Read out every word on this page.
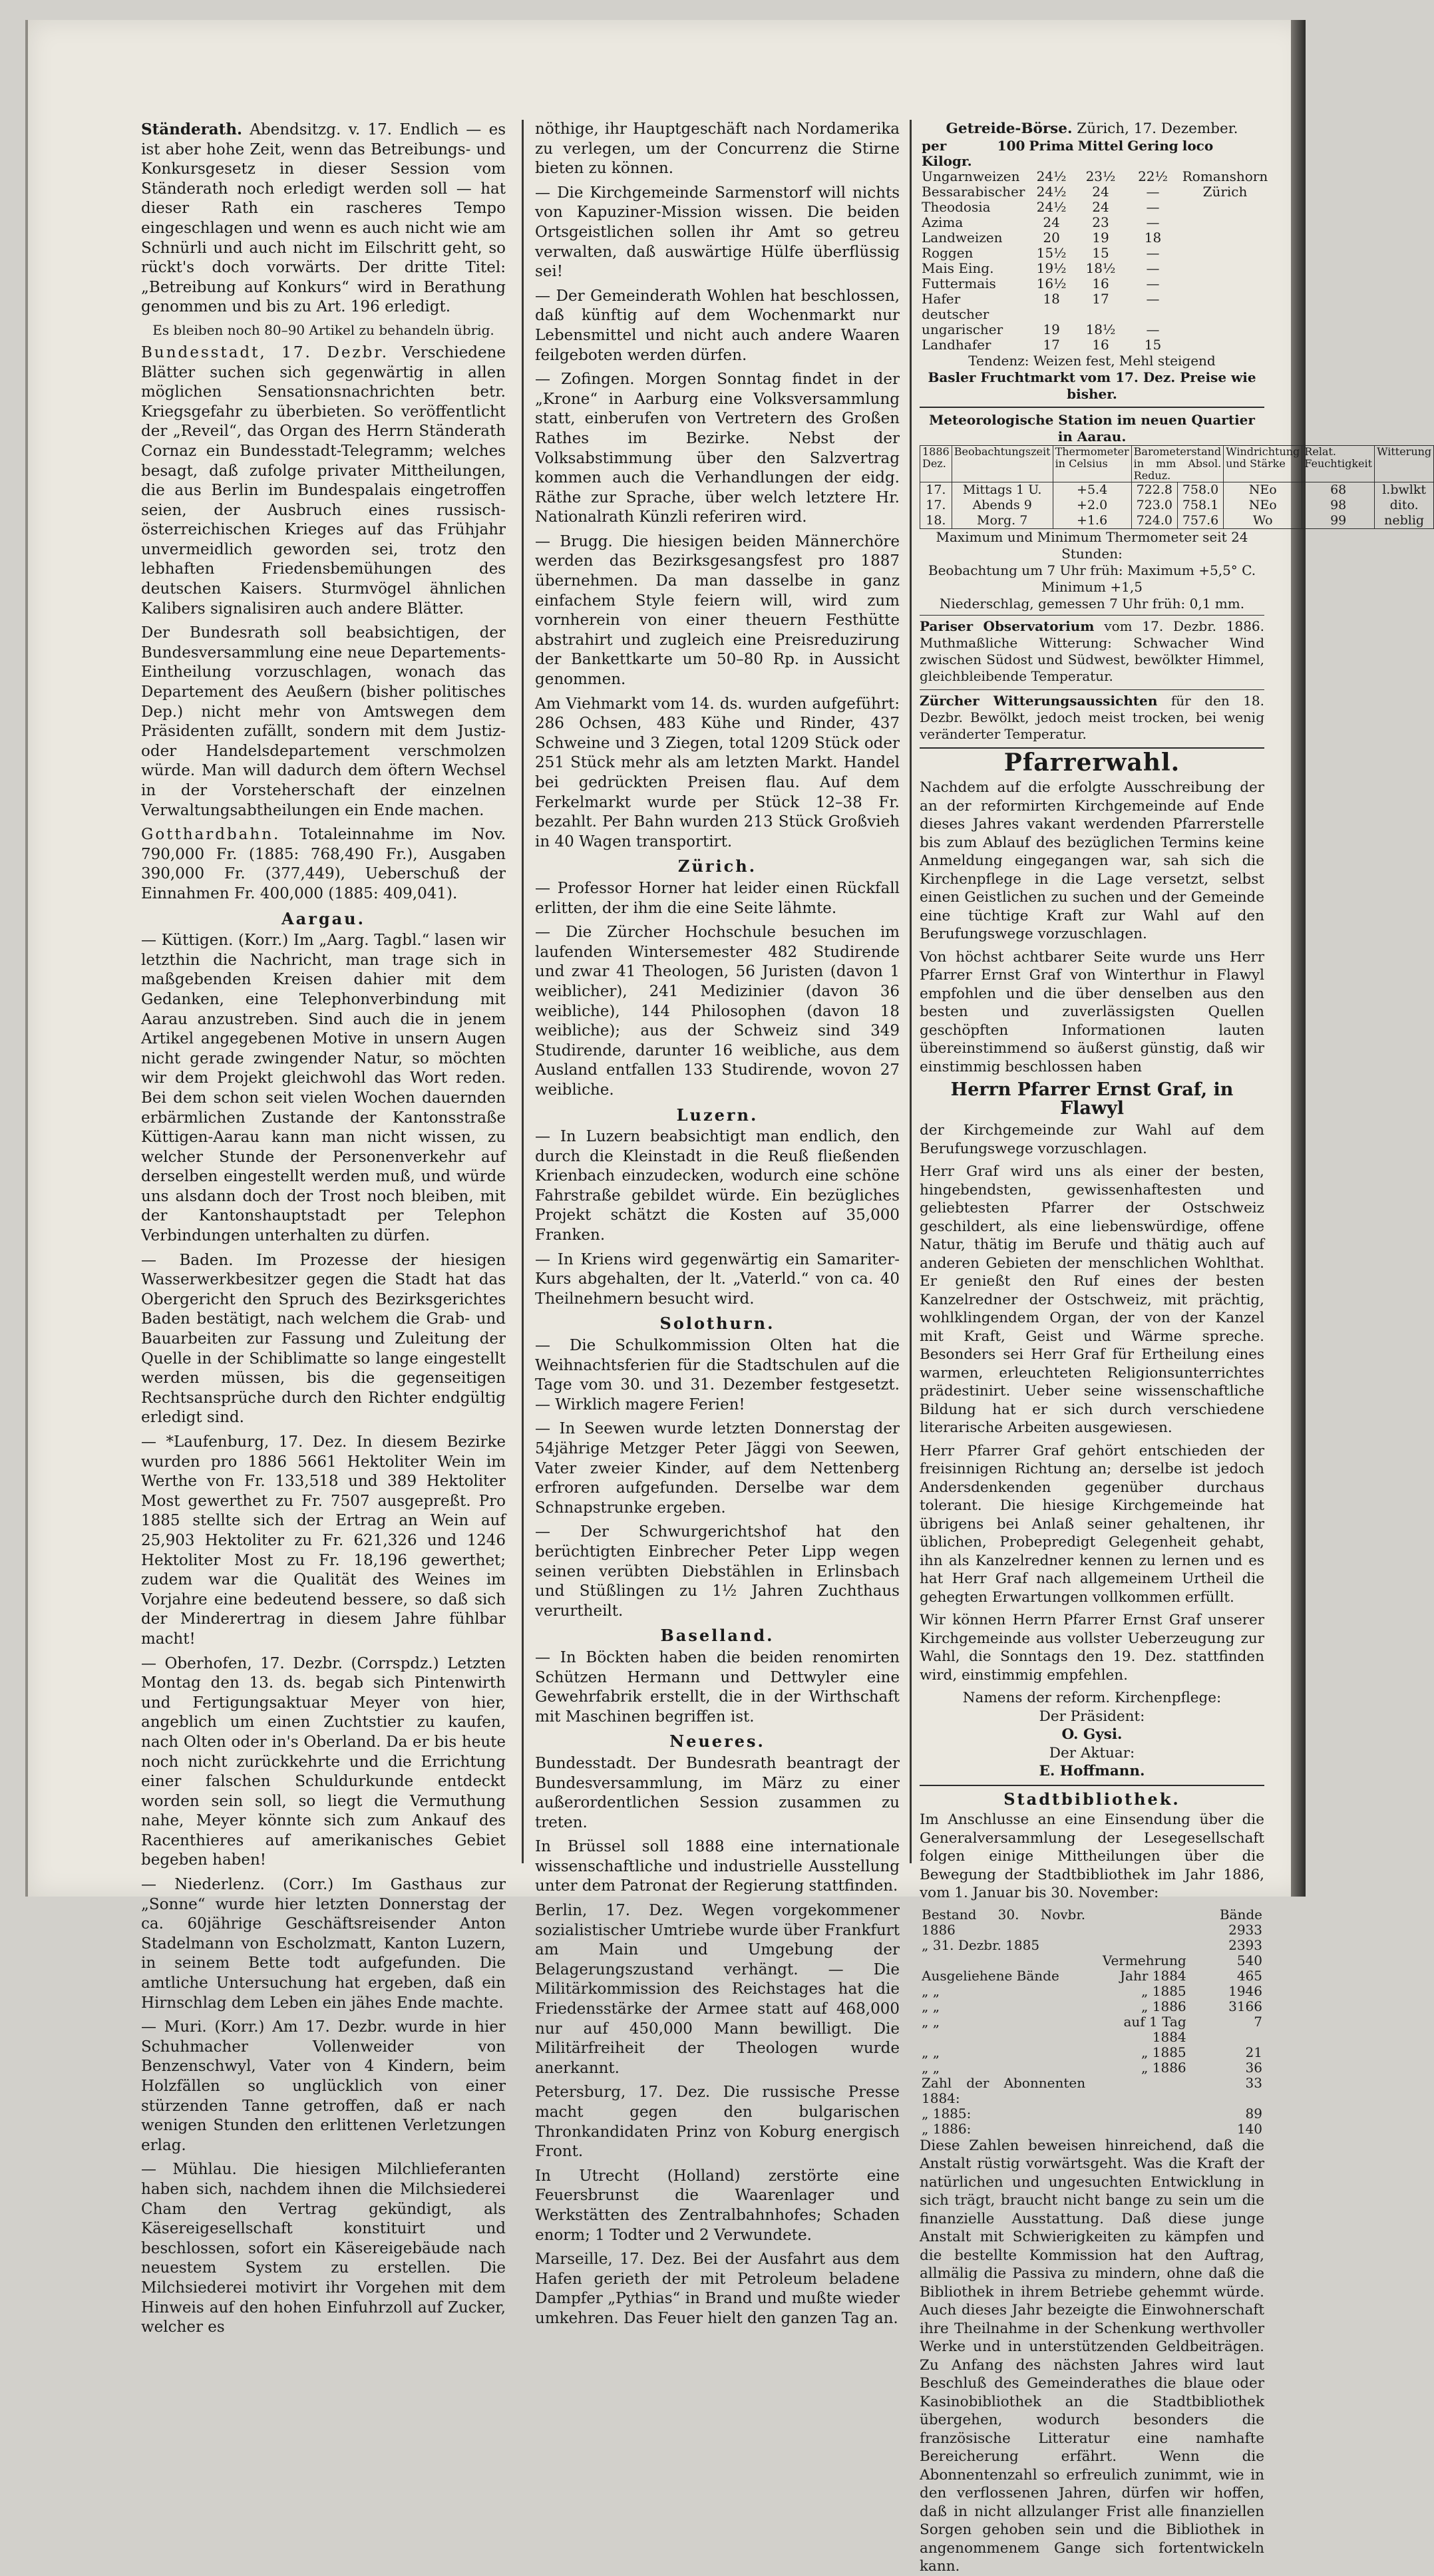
Ständerath. Abendsitzg. v. 17. Endlich — es ist aber hohe Zeit, wenn das Betreibungs- und Konkursgesetz in dieser Session vom Ständerath noch erledigt werden soll — hat dieser Rath ein rascheres Tempo eingeschlagen und wenn es auch nicht wie am Schnürli und auch nicht im Eilschritt geht, so rückt's doch vorwärts. Der dritte Titel: „Betreibung auf Konkurs“ wird in Berathung genommen und bis zu Art. 196 erledigt.

Es bleiben noch 80–90 Artikel zu behandeln übrig.

Bundesstadt, 17. Dezbr. Verschiedene Blätter suchen sich gegenwärtig in allen möglichen Sensationsnachrichten betr. Kriegsgefahr zu überbieten. So veröffentlicht der „Reveil“, das Organ des Herrn Ständerath Cornaz ein Bundesstadt-Telegramm; welches besagt, daß zufolge privater Mittheilungen, die aus Berlin im Bundespalais eingetroffen seien, der Ausbruch eines russisch-österreichischen Krieges auf das Frühjahr unvermeidlich geworden sei, trotz den lebhaften Friedensbemühungen des deutschen Kaisers. Sturmvögel ähnlichen Kalibers signalisiren auch andere Blätter.

Der Bundesrath soll beabsichtigen, der Bundesversammlung eine neue Departements-Eintheilung vorzuschlagen, wonach das Departement des Aeußern (bisher politisches Dep.) nicht mehr von Amtswegen dem Präsidenten zufällt, sondern mit dem Justiz- oder Handelsdepartement verschmolzen würde. Man will dadurch dem öftern Wechsel in der Vorsteherschaft der einzelnen Verwaltungsabtheilungen ein Ende machen.

Gotthardbahn. Totaleinnahme im Nov. 790,000 Fr. (1885: 768,490 Fr.), Ausgaben 390,000 Fr. (377,449), Ueberschuß der Einnahmen Fr. 400,000 (1885: 409,041).

Aargau.

— Küttigen. (Korr.) Im „Aarg. Tagbl.“ lasen wir letzthin die Nachricht, man trage sich in maßgebenden Kreisen dahier mit dem Gedanken, eine Telephonverbindung mit Aarau anzustreben. Sind auch die in jenem Artikel angegebenen Motive in unsern Augen nicht gerade zwingender Natur, so möchten wir dem Projekt gleichwohl das Wort reden. Bei dem schon seit vielen Wochen dauernden erbärmlichen Zustande der Kantonsstraße Küttigen-Aarau kann man nicht wissen, zu welcher Stunde der Personenverkehr auf derselben eingestellt werden muß, und würde uns alsdann doch der Trost noch bleiben, mit der Kantonshauptstadt per Telephon Verbindungen unterhalten zu dürfen.

— Baden. Im Prozesse der hiesigen Wasserwerkbesitzer gegen die Stadt hat das Obergericht den Spruch des Bezirksgerichtes Baden bestätigt, nach welchem die Grab- und Bauarbeiten zur Fassung und Zuleitung der Quelle in der Schiblimatte so lange eingestellt werden müssen, bis die gegenseitigen Rechtsansprüche durch den Richter endgültig erledigt sind.

— *Laufenburg, 17. Dez. In diesem Bezirke wurden pro 1886 5661 Hektoliter Wein im Werthe von Fr. 133,518 und 389 Hektoliter Most gewerthet zu Fr. 7507 ausgepreßt. Pro 1885 stellte sich der Ertrag an Wein auf 25,903 Hektoliter zu Fr. 621,326 und 1246 Hektoliter Most zu Fr. 18,196 gewerthet; zudem war die Qualität des Weines im Vorjahre eine bedeutend bessere, so daß sich der Minderertrag in diesem Jahre fühlbar macht!

— Oberhofen, 17. Dezbr. (Corrspdz.) Letzten Montag den 13. ds. begab sich Pintenwirth und Fertigungsaktuar Meyer von hier, angeblich um einen Zuchtstier zu kaufen, nach Olten oder in's Oberland. Da er bis heute noch nicht zurückkehrte und die Errichtung einer falschen Schuldurkunde entdeckt worden sein soll, so liegt die Vermuthung nahe, Meyer könnte sich zum Ankauf des Racenthieres auf amerikanisches Gebiet begeben haben!

— Niederlenz. (Corr.) Im Gasthaus zur „Sonne“ wurde hier letzten Donnerstag der ca. 60jährige Geschäftsreisender Anton Stadelmann von Escholzmatt, Kanton Luzern, in seinem Bette todt aufgefunden. Die amtliche Untersuchung hat ergeben, daß ein Hirnschlag dem Leben ein jähes Ende machte.

— Muri. (Korr.) Am 17. Dezbr. wurde in hier Schuhmacher Vollenweider von Benzenschwyl, Vater von 4 Kindern, beim Holzfällen so unglücklich von einer stürzenden Tanne getroffen, daß er nach wenigen Stunden den erlittenen Verletzungen erlag.

— Mühlau. Die hiesigen Milchlieferanten haben sich, nachdem ihnen die Milchsiederei Cham den Vertrag gekündigt, als Käsereigesellschaft konstituirt und beschlossen, sofort ein Käsereigebäude nach neuestem System zu erstellen. Die Milchsiederei motivirt ihr Vorgehen mit dem Hinweis auf den hohen Einfuhrzoll auf Zucker, welcher es

nöthige, ihr Hauptgeschäft nach Nordamerika zu verlegen, um der Concurrenz die Stirne bieten zu können.

— Die Kirchgemeinde Sarmenstorf will nichts von Kapuziner-Mission wissen. Die beiden Ortsgeistlichen sollen ihr Amt so getreu verwalten, daß auswärtige Hülfe überflüssig sei!

— Der Gemeinderath Wohlen hat beschlossen, daß künftig auf dem Wochenmarkt nur Lebensmittel und nicht auch andere Waaren feilgeboten werden dürfen.

— Zofingen. Morgen Sonntag findet in der „Krone“ in Aarburg eine Volksversammlung statt, einberufen von Vertretern des Großen Rathes im Bezirke. Nebst der Volksabstimmung über den Salzvertrag kommen auch die Verhandlungen der eidg. Räthe zur Sprache, über welch letztere Hr. Nationalrath Künzli referiren wird.

— Brugg. Die hiesigen beiden Männerchöre werden das Bezirksgesangsfest pro 1887 übernehmen. Da man dasselbe in ganz einfachem Style feiern will, wird zum vornherein von einer theuern Festhütte abstrahirt und zugleich eine Preisreduzirung der Bankettkarte um 50–80 Rp. in Aussicht genommen.

Am Viehmarkt vom 14. ds. wurden aufgeführt: 286 Ochsen, 483 Kühe und Rinder, 437 Schweine und 3 Ziegen, total 1209 Stück oder 251 Stück mehr als am letzten Markt. Handel bei gedrückten Preisen flau. Auf dem Ferkelmarkt wurde per Stück 12–38 Fr. bezahlt. Per Bahn wurden 213 Stück Großvieh in 40 Wagen transportirt.

Zürich.

— Professor Horner hat leider einen Rückfall erlitten, der ihm die eine Seite lähmte.

— Die Zürcher Hochschule besuchen im laufenden Wintersemester 482 Studirende und zwar 41 Theologen, 56 Juristen (davon 1 weiblicher), 241 Medizinier (davon 36 weibliche), 144 Philosophen (davon 18 weibliche); aus der Schweiz sind 349 Studirende, darunter 16 weibliche, aus dem Ausland entfallen 133 Studirende, wovon 27 weibliche.

Luzern.

— In Luzern beabsichtigt man endlich, den durch die Kleinstadt in die Reuß fließenden Krienbach einzudecken, wodurch eine schöne Fahrstraße gebildet würde. Ein bezügliches Projekt schätzt die Kosten auf 35,000 Franken.

— In Kriens wird gegenwärtig ein Samariter-Kurs abgehalten, der lt. „Vaterld.“ von ca. 40 Theilnehmern besucht wird.

Solothurn.

— Die Schulkommission Olten hat die Weihnachtsferien für die Stadtschulen auf die Tage vom 30. und 31. Dezember festgesetzt. — Wirklich magere Ferien!

— In Seewen wurde letzten Donnerstag der 54jährige Metzger Peter Jäggi von Seewen, Vater zweier Kinder, auf dem Nettenberg erfroren aufgefunden. Derselbe war dem Schnapstrunke ergeben.

— Der Schwurgerichtshof hat den berüchtigten Einbrecher Peter Lipp wegen seinen verübten Diebstählen in Erlinsbach und Stüßlingen zu 1½ Jahren Zuchthaus verurtheilt.

Baselland.

— In Böckten haben die beiden renomirten Schützen Hermann und Dettwyler eine Gewehrfabrik erstellt, die in der Wirthschaft mit Maschinen begriffen ist.

Neueres.

Bundesstadt. Der Bundesrath beantragt der Bundesversammlung, im März zu einer außerordentlichen Session zusammen zu treten.

In Brüssel soll 1888 eine internationale wissenschaftliche und industrielle Ausstellung unter dem Patronat der Regierung stattfinden.

Berlin, 17. Dez. Wegen vorgekommener sozialistischer Umtriebe wurde über Frankfurt am Main und Umgebung der Belagerungszustand verhängt. — Die Militärkommission des Reichstages hat die Friedensstärke der Armee statt auf 468,000 nur auf 450,000 Mann bewilligt. Die Militärfreiheit der Theologen wurde anerkannt.

Petersburg, 17. Dez. Die russische Presse macht gegen den bulgarischen Thronkandidaten Prinz von Koburg energisch Front.

In Utrecht (Holland) zerstörte eine Feuersbrunst die Waarenlager und Werkstätten des Zentralbahnhofes; Schaden enorm; 1 Todter und 2 Verwundete.

Marseille, 17. Dez. Bei der Ausfahrt aus dem Hafen gerieth der mit Petroleum beladene Dampfer „Pythias“ in Brand und mußte wieder umkehren. Das Feuer hielt den ganzen Tag an.

Getreide-Börse. Zürich, 17. Dezember.
per 100 Kilogr.	Prima	Mittel	Gering	loco
Ungarnweizen	24½	23½	22½	Romanshorn
Bessarabischer	24½	24	—	Zürich
Theodosia	24½	24	—	
Azima	24	23	—	
Landweizen	20	19	18	
Roggen	15½	15	—	
Mais Eing.	19½	18½	—	
Futtermais	16½	16	—	
Hafer deutscher	18	17	—	
ungarischer	19	18½	—	
Landhafer	17	16	15	
Tendenz: Weizen fest, Mehl steigend
Basler Fruchtmarkt vom 17. Dez. Preise wie bisher.
Meteorologische Station im neuen Quartier in Aarau.
1886 Dez.	Beobachtungszeit	Thermometer in Celsius	Barometerstand in mm Absol. Reduz.		Windrichtung und Stärke	Relat. Feuchtigkeit	Witterung
17.	Mittags 1 U.	+5.4	722.8	758.0	NEo	68	l.bwlkt
17.	Abends 9	+2.0	723.0	758.1	NEo	98	dito.
18.	Morg. 7	+1.6	724.0	757.6	Wo	99	neblig
Maximum und Minimum Thermometer seit 24 Stunden:
Beobachtung um 7 Uhr früh: Maximum +5,5° C.
Minimum +1,5
Niederschlag, gemessen 7 Uhr früh: 0,1 mm.

Pariser Observatorium vom 17. Dezbr. 1886. Muthmaßliche Witterung: Schwacher Wind zwischen Südost und Südwest, bewölkter Himmel, gleichbleibende Temperatur.

Zürcher Witterungsaussichten für den 18. Dezbr. Bewölkt, jedoch meist trocken, bei wenig veränderter Temperatur.

Pfarrerwahl.

Nachdem auf die erfolgte Ausschreibung der an der reformirten Kirchgemeinde auf Ende dieses Jahres vakant werdenden Pfarrerstelle bis zum Ablauf des bezüglichen Termins keine Anmeldung eingegangen war, sah sich die Kirchenpflege in die Lage versetzt, selbst einen Geistlichen zu suchen und der Gemeinde eine tüchtige Kraft zur Wahl auf den Berufungswege vorzuschlagen.

Von höchst achtbarer Seite wurde uns Herr Pfarrer Ernst Graf von Winterthur in Flawyl empfohlen und die über denselben aus den besten und zuverlässigsten Quellen geschöpften Informationen lauten übereinstimmend so äußerst günstig, daß wir einstimmig beschlossen haben

Herrn Pfarrer Ernst Graf, in Flawyl

der Kirchgemeinde zur Wahl auf dem Berufungswege vorzuschlagen.

Herr Graf wird uns als einer der besten, hingebendsten, gewissenhaftesten und geliebtesten Pfarrer der Ostschweiz geschildert, als eine liebenswürdige, offene Natur, thätig im Berufe und thätig auch auf anderen Gebieten der menschlichen Wohlthat. Er genießt den Ruf eines der besten Kanzelredner der Ostschweiz, mit prächtig, wohlklingendem Organ, der von der Kanzel mit Kraft, Geist und Wärme spreche. Besonders sei Herr Graf für Ertheilung eines warmen, erleuchteten Religionsunterrichtes prädestinirt. Ueber seine wissenschaftliche Bildung hat er sich durch verschiedene literarische Arbeiten ausgewiesen.

Herr Pfarrer Graf gehört entschieden der freisinnigen Richtung an; derselbe ist jedoch Andersdenkenden gegenüber durchaus tolerant. Die hiesige Kirchgemeinde hat übrigens bei Anlaß seiner gehaltenen, ihr üblichen, Probepredigt Gelegenheit gehabt, ihn als Kanzelredner kennen zu lernen und es hat Herr Graf nach allgemeinem Urtheil die gehegten Erwartungen vollkommen erfüllt.

Wir können Herrn Pfarrer Ernst Graf unserer Kirchgemeinde aus vollster Ueberzeugung zur Wahl, die Sonntags den 19. Dez. stattfinden wird, einstimmig empfehlen.

Namens der reform. Kirchenpflege:
Der Präsident:
O. Gysi.
Der Aktuar:
E. Hoffmann.
Stadtbibliothek.

Im Anschlusse an eine Einsendung über die Generalversammlung der Lesegesellschaft folgen einige Mittheilungen über die Bewegung der Stadtbibliothek im Jahr 1886, vom 1. Januar bis 30. November:

Bestand 30. Novbr. 1886		Bände 2933
„ 31. Dezbr. 1885		2393
	Vermehrung	540
Ausgeliehene Bände	Jahr 1884	465
„ „	„ 1885	1946
„ „	„ 1886	3166
„ „	auf 1 Tag 1884	7
„ „	„ 1885	21
„ „	„ 1886	36
Zahl der Abonnenten 1884:		33
„ 1885:		89
„ 1886:		140

Diese Zahlen beweisen hinreichend, daß die Anstalt rüstig vorwärtsgeht. Was die Kraft der natürlichen und ungesuchten Entwicklung in sich trägt, braucht nicht bange zu sein um die finanzielle Ausstattung. Daß diese junge Anstalt mit Schwierigkeiten zu kämpfen und die bestellte Kommission hat den Auftrag, allmälig die Passiva zu mindern, ohne daß die Bibliothek in ihrem Betriebe gehemmt würde. Auch dieses Jahr bezeigte die Einwohnerschaft ihre Theilnahme in der Schenkung werthvoller Werke und in unterstützenden Geldbeiträgen. Zu Anfang des nächsten Jahres wird laut Beschluß des Gemeinderathes die blaue oder Kasinobibliothek an die Stadtbibliothek übergehen, wodurch besonders die französische Litteratur eine namhafte Bereicherung erfährt. Wenn die Abonnentenzahl so erfreulich zunimmt, wie in den verflossenen Jahren, dürfen wir hoffen, daß in nicht allzulanger Frist alle finanziellen Sorgen gehoben sein und die Bibliothek in angenommenem Gange sich fortentwickeln kann.
